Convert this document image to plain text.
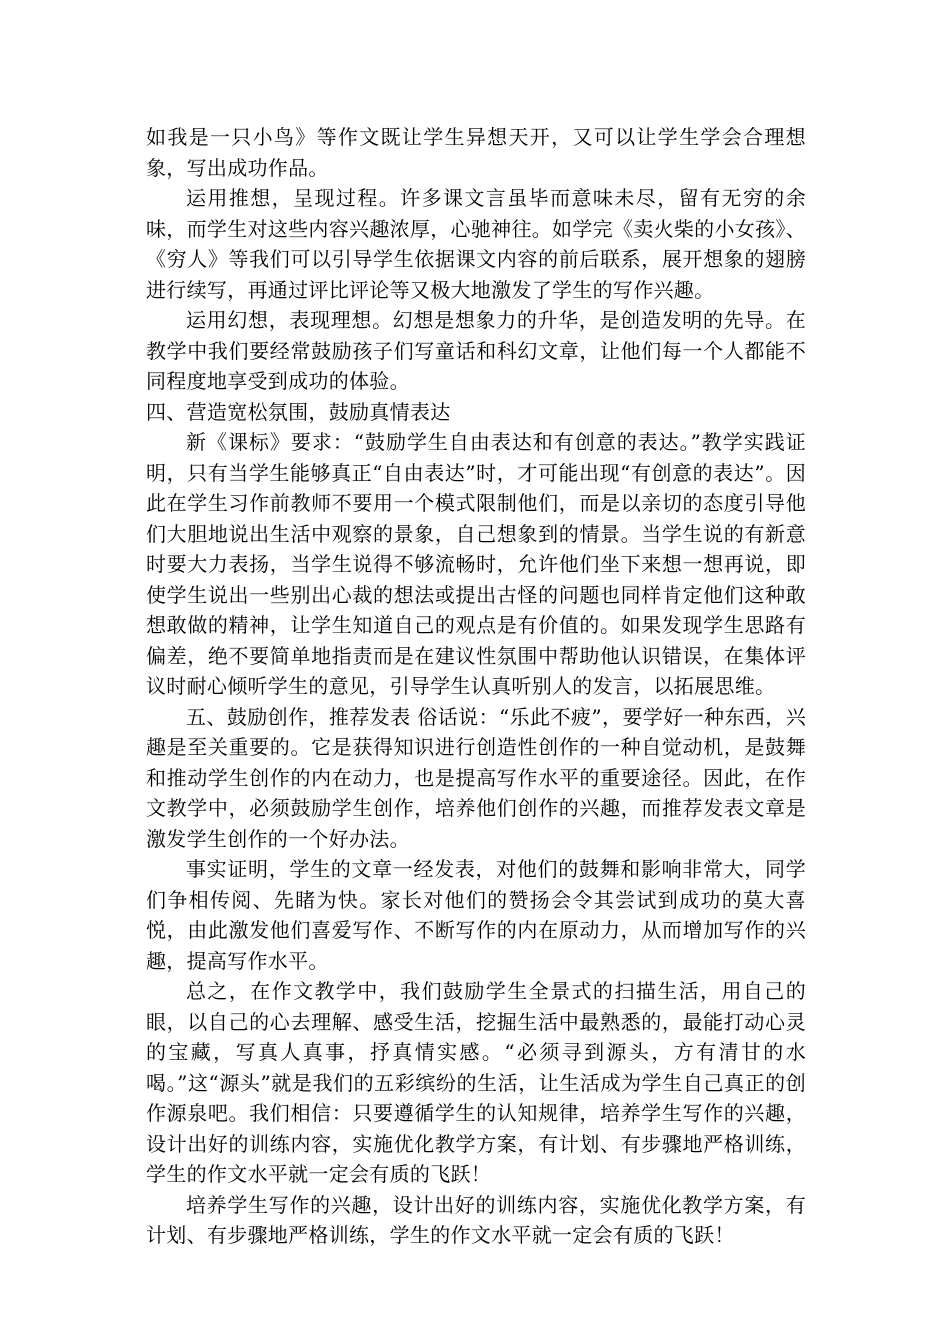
如我是一只小鸟》等作文既让学生异想天开，又可以让学生学会合理想象，写出成功作品。

运用推想，呈现过程。许多课文言虽毕而意味未尽，留有无穷的余味，而学生对这些内容兴趣浓厚，心驰神往。如学完《卖火柴的小女孩》、《穷人》等我们可以引导学生依据课文内容的前后联系，展开想象的翅膀进行续写，再通过评比评论等又极大地激发了学生的写作兴趣。

运用幻想，表现理想。幻想是想象力的升华，是创造发明的先导。在教学中我们要经常鼓励孩子们写童话和科幻文章，让他们每一个人都能不同程度地享受到成功的体验。

四、营造宽松氛围，鼓励真情表达

新《课标》要求：“鼓励学生自由表达和有创意的表达。”教学实践证明，只有当学生能够真正“自由表达”时，才可能出现“有创意的表达”。因此在学生习作前教师不要用一个模式限制他们，而是以亲切的态度引导他们大胆地说出生活中观察的景象，自己想象到的情景。当学生说的有新意时要大力表扬，当学生说得不够流畅时，允许他们坐下来想一想再说，即使学生说出一些别出心裁的想法或提出古怪的问题也同样肯定他们这种敢想敢做的精神，让学生知道自己的观点是有价值的。如果发现学生思路有偏差，绝不要简单地指责而是在建议性氛围中帮助他认识错误，在集体评议时耐心倾听学生的意见，引导学生认真听别人的发言，以拓展思维。

五、鼓励创作，推荐发表 俗话说：“乐此不疲”，要学好一种东西，兴趣是至关重要的。它是获得知识进行创造性创作的一种自觉动机，是鼓舞和推动学生创作的内在动力，也是提高写作水平的重要途径。因此，在作文教学中，必须鼓励学生创作，培养他们创作的兴趣，而推荐发表文章是激发学生创作的一个好办法。

事实证明，学生的文章一经发表，对他们的鼓舞和影响非常大，同学们争相传阅、先睹为快。家长对他们的赞扬会令其尝试到成功的莫大喜悦，由此激发他们喜爱写作、不断写作的内在原动力，从而增加写作的兴趣，提高写作水平。

总之，在作文教学中，我们鼓励学生全景式的扫描生活，用自己的眼，以自己的心去理解、感受生活，挖掘生活中最熟悉的，最能打动心灵的宝藏，写真人真事，抒真情实感。“必须寻到源头，方有清甘的水喝。”这“源头”就是我们的五彩缤纷的生活，让生活成为学生自己真正的创作源泉吧。我们相信：只要遵循学生的认知规律，培养学生写作的兴趣，设计出好的训练内容，实施优化教学方案，有计划、有步骤地严格训练，学生的作文水平就一定会有质的飞跃！

培养学生写作的兴趣，设计出好的训练内容，实施优化教学方案，有计划、有步骤地严格训练，学生的作文水平就一定会有质的飞跃！
